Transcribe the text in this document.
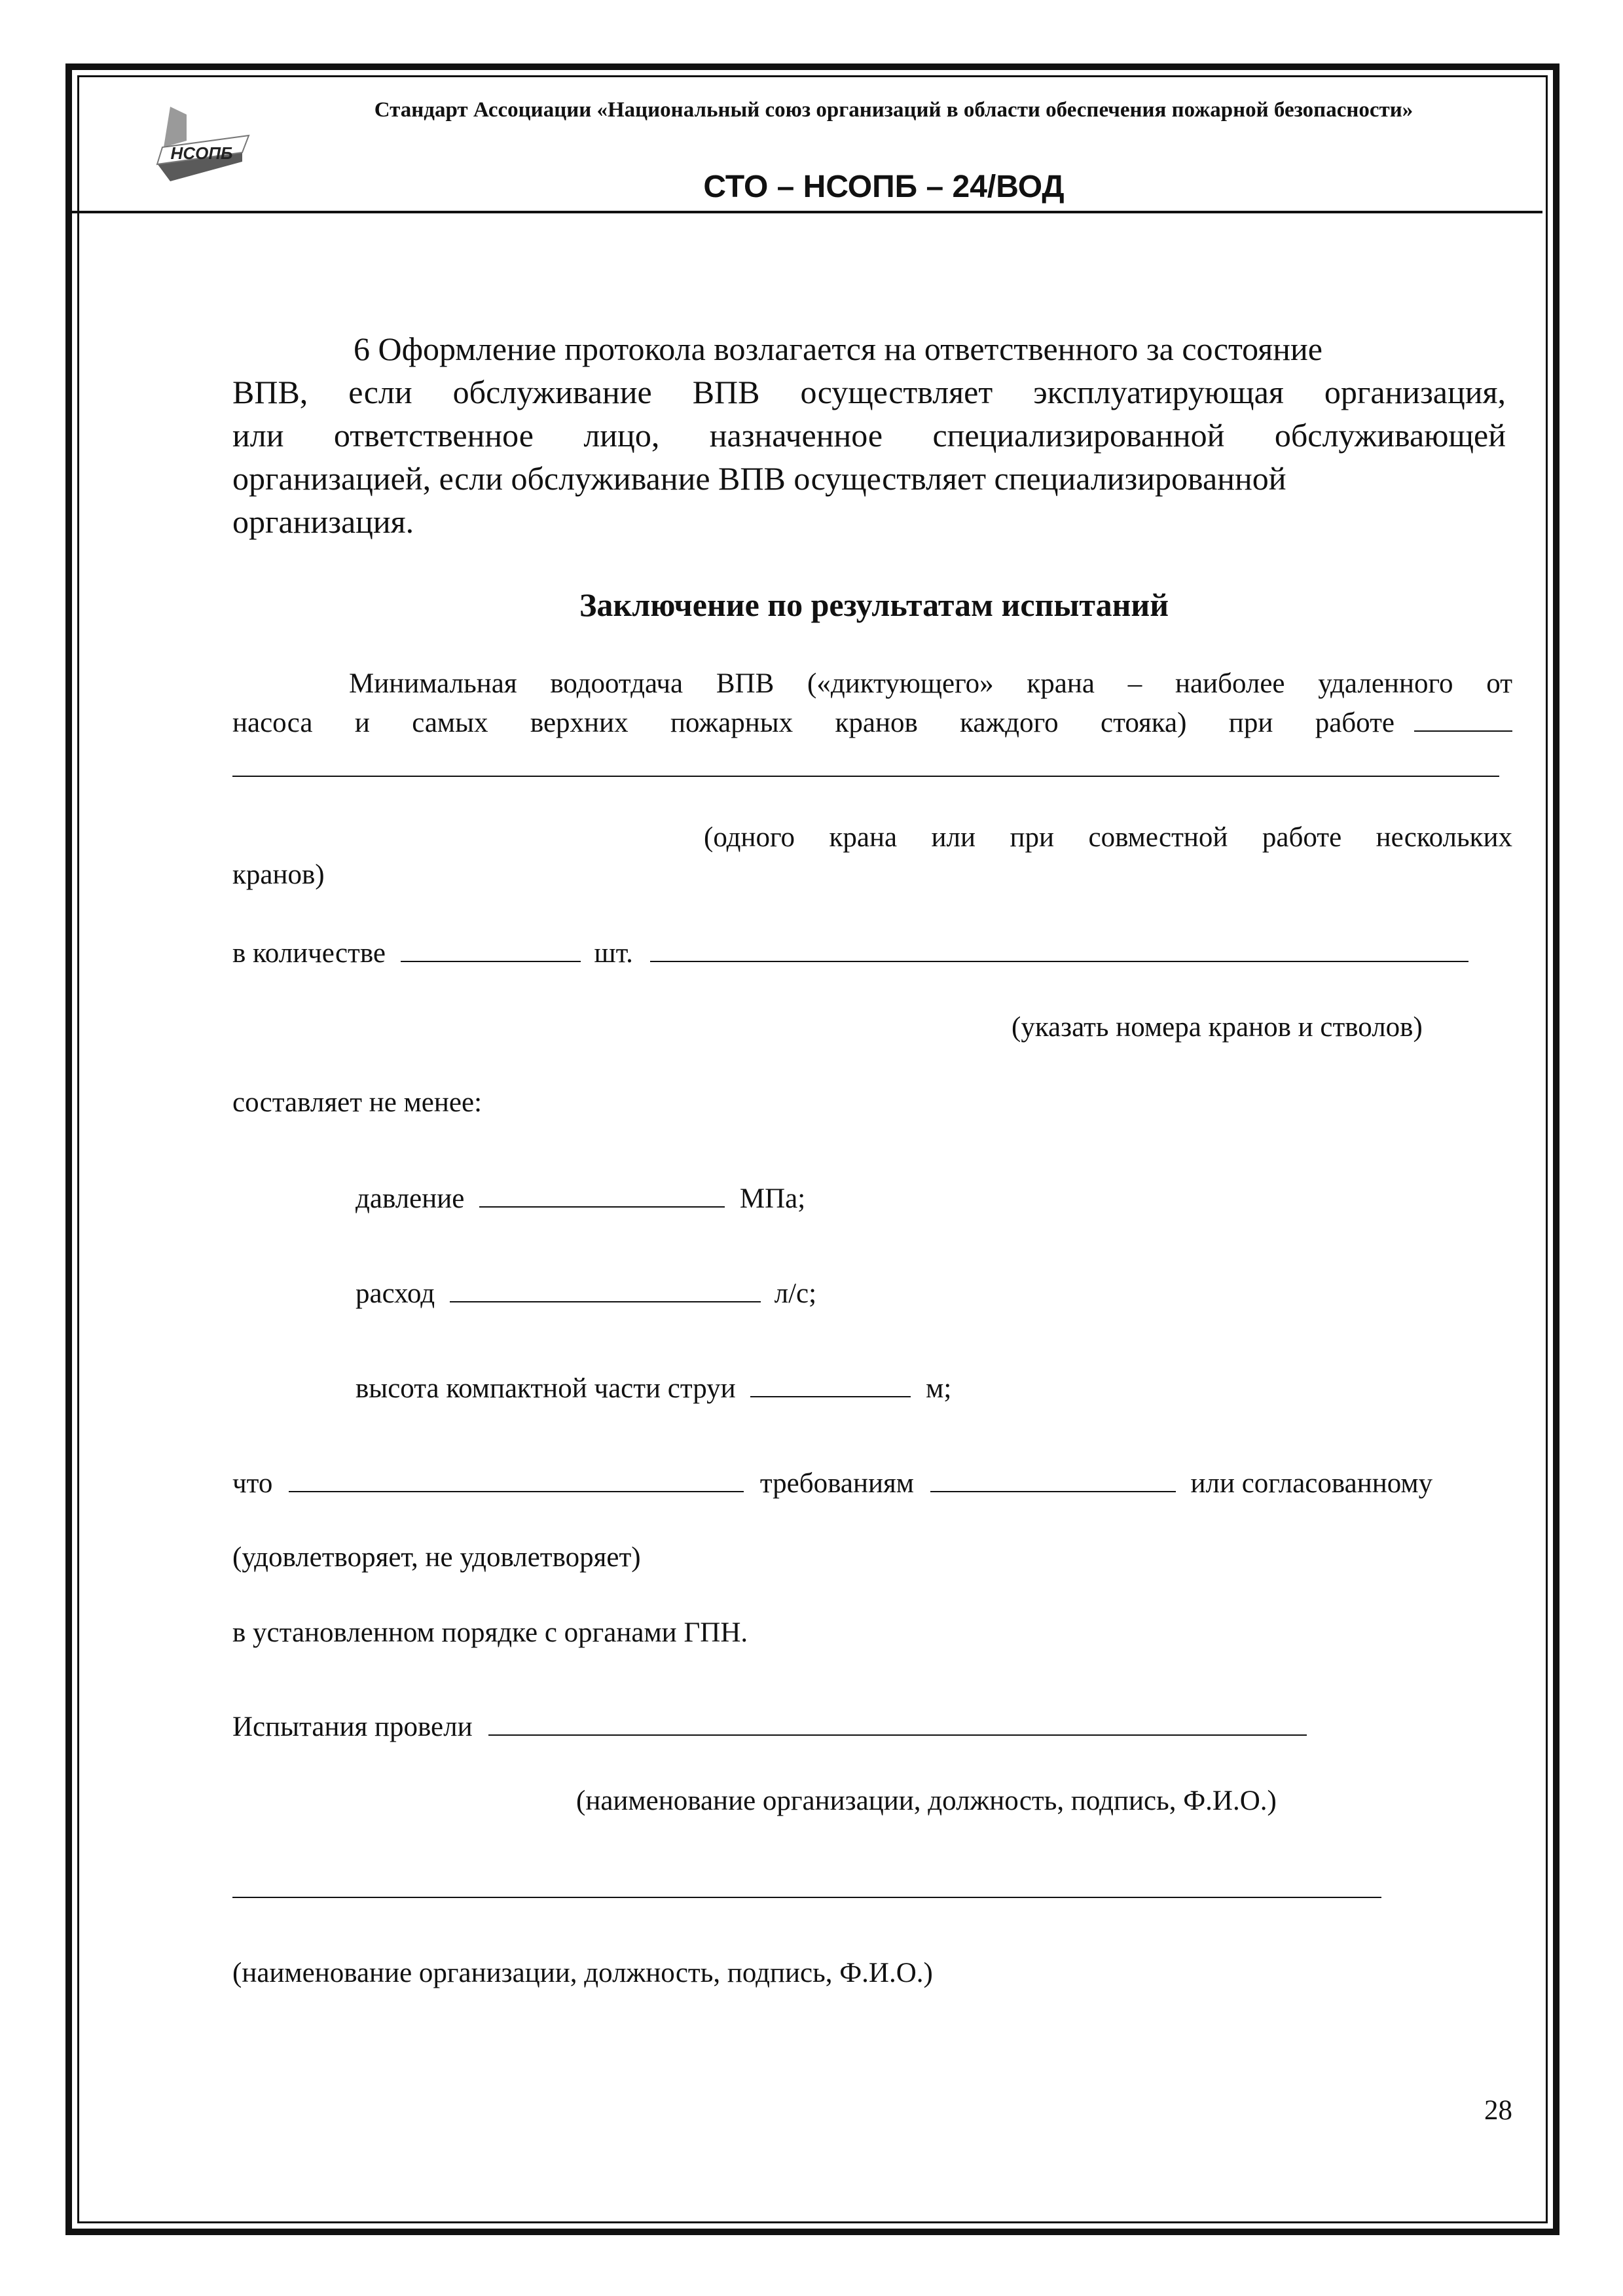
НСОПБ
Стандарт Ассоциации «Национальный союз организаций в области обеспечения пожарной безопасности»
СТО – НСОПБ – 24/ВОД
6 Оформление протокола возлагается на ответственного за состояние
ВПВ, если обслуживание ВПВ осуществляет эксплуатирующая организация,
или ответственное лицо, назначенное специализированной обслуживающей
организацией, если обслуживание ВПВ осуществляет специализированной
организация.
Заключение по результатам испытаний
Минимальная водоотдача ВПВ («диктующего» крана – наиболее удаленного от
насоса и самых верхних пожарных кранов каждого стояка) при работе
(одного крана или при совместной работе нескольких
кранов)
в количестве	шт.
(указать номера кранов и стволов)
составляет не менее:
давление	МПа;
расход	л/с;
высота компактной части струи	м;
что	требованиям	или согласованному
(удовлетворяет, не удовлетворяет)
в установленном порядке с органами ГПН.
Испытания провели
(наименование организации, должность, подпись, Ф.И.О.)
(наименование организации, должность, подпись, Ф.И.О.)
28
